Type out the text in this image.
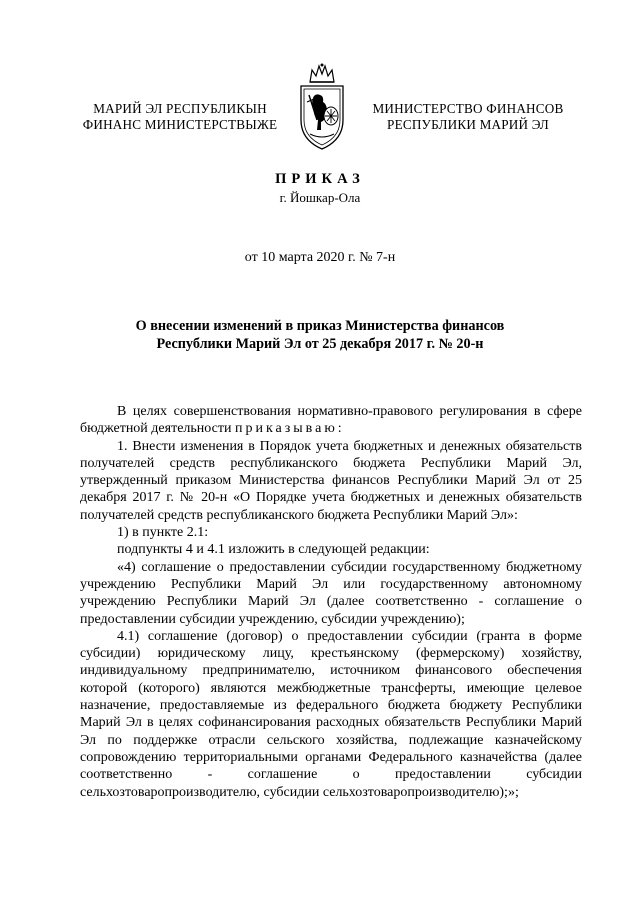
МАРИЙ ЭЛ РЕСПУБЛИКЫН
ФИНАНС МИНИСТЕРСТВЫЖЕ
МИНИСТЕРСТВО ФИНАНСОВ
РЕСПУБЛИКИ МАРИЙ ЭЛ
ПРИКАЗ
г. Йошкар-Ола
от 10 марта 2020 г. № 7-н
О внесении изменений в приказ Министерства финансов
Республики Марий Эл от 25 декабря 2017 г. № 20-н

В целях совершенствования нормативно-правового регулирования в сфере бюджетной деятельности приказываю:

1. Внести изменения в Порядок учета бюджетных и денежных обязательств получателей средств республиканского бюджета Республики Марий Эл, утвержденный приказом Министерства финансов Республики Марий Эл от 25 декабря 2017 г. № 20-н «О Порядке учета бюджетных и денежных обязательств получателей средств республиканского бюджета Республики Марий Эл»:

1) в пункте 2.1:

подпункты 4 и 4.1 изложить в следующей редакции:

«4) соглашение о предоставлении субсидии государственному бюджетному учреждению Республики Марий Эл или государственному автономному учреждению Республики Марий Эл (далее соответственно - соглашение о предоставлении субсидии учреждению, субсидии учреждению);

4.1) соглашение (договор) о предоставлении субсидии (гранта в форме субсидии) юридическому лицу, крестьянскому (фермерскому) хозяйству, индивидуальному предпринимателю, источником финансового обеспечения которой (которого) являются межбюджетные трансферты, имеющие целевое назначение, предоставляемые из федерального бюджета бюджету Республики Марий Эл в целях софинансирования расходных обязательств Республики Марий Эл по поддержке отрасли сельского хозяйства, подлежащие казначейскому сопровождению территориальными органами Федерального казначейства (далее соответственно - соглашение о предоставлении субсидии сельхозтоваропроизводителю, субсидии сельхозтоваропроизводителю);»;
